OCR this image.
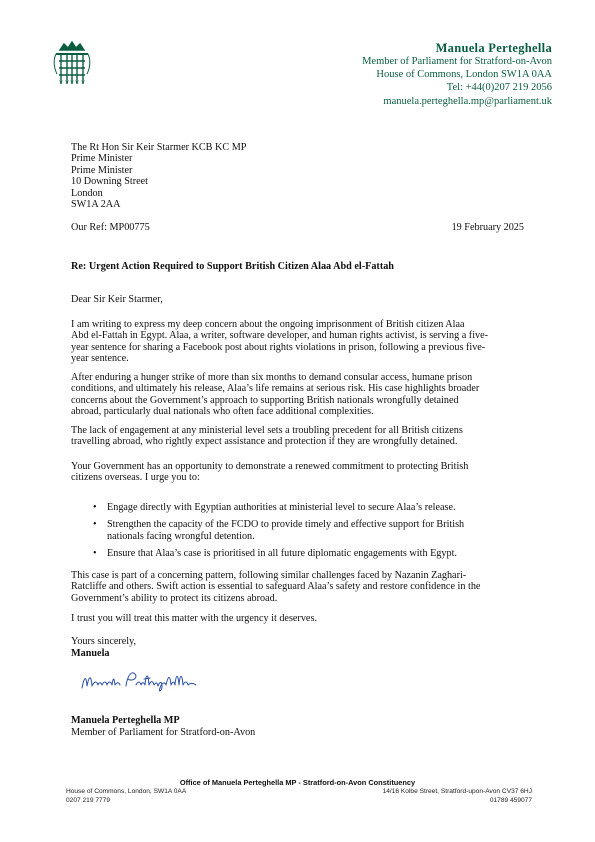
Manuela Perteghella
Member of Parliament for Stratford-on-Avon
House of Commons, London SW1A 0AA
Tel: +44(0)207 219 2056
manuela.perteghella.mp@parliament.uk
The Rt Hon Sir Keir Starmer KCB KC MP
Prime Minister
Prime Minister
10 Downing Street
London
SW1A 2AA
Our Ref: MP00775	19 February 2025
Re: Urgent Action Required to Support British Citizen Alaa Abd el-Fattah
Dear Sir Keir Starmer,
I am writing to express my deep concern about the ongoing imprisonment of British citizen Alaa
Abd el-Fattah in Egypt. Alaa, a writer, software developer, and human rights activist, is serving a five-
year sentence for sharing a Facebook post about rights violations in prison, following a previous five-
year sentence.
After enduring a hunger strike of more than six months to demand consular access, humane prison
conditions, and ultimately his release, Alaa’s life remains at serious risk. His case highlights broader
concerns about the Government’s approach to supporting British nationals wrongfully detained
abroad, particularly dual nationals who often face additional complexities.
The lack of engagement at any ministerial level sets a troubling precedent for all British citizens
travelling abroad, who rightly expect assistance and protection if they are wrongfully detained.
Your Government has an opportunity to demonstrate a renewed commitment to protecting British
citizens overseas. I urge you to:
• Engage directly with Egyptian authorities at ministerial level to secure Alaa’s release.
• Strengthen the capacity of the FCDO to provide timely and effective support for British
nationals facing wrongful detention.
• Ensure that Alaa’s case is prioritised in all future diplomatic engagements with Egypt.
This case is part of a concerning pattern, following similar challenges faced by Nazanin Zaghari-
Ratcliffe and others. Swift action is essential to safeguard Alaa’s safety and restore confidence in the
Government’s ability to protect its citizens abroad.
I trust you will treat this matter with the urgency it deserves.
Yours sincerely,
Manuela
Manuela Perteghella MP
Member of Parliament for Stratford-on-Avon
Office of Manuela Perteghella MP - Stratford-on-Avon Constituency
House of Commons, London, SW1A 0AA
0207 219 7779
14/16 Kolbe Street, Stratford-upon-Avon CV37 6HJ
01789 459077
